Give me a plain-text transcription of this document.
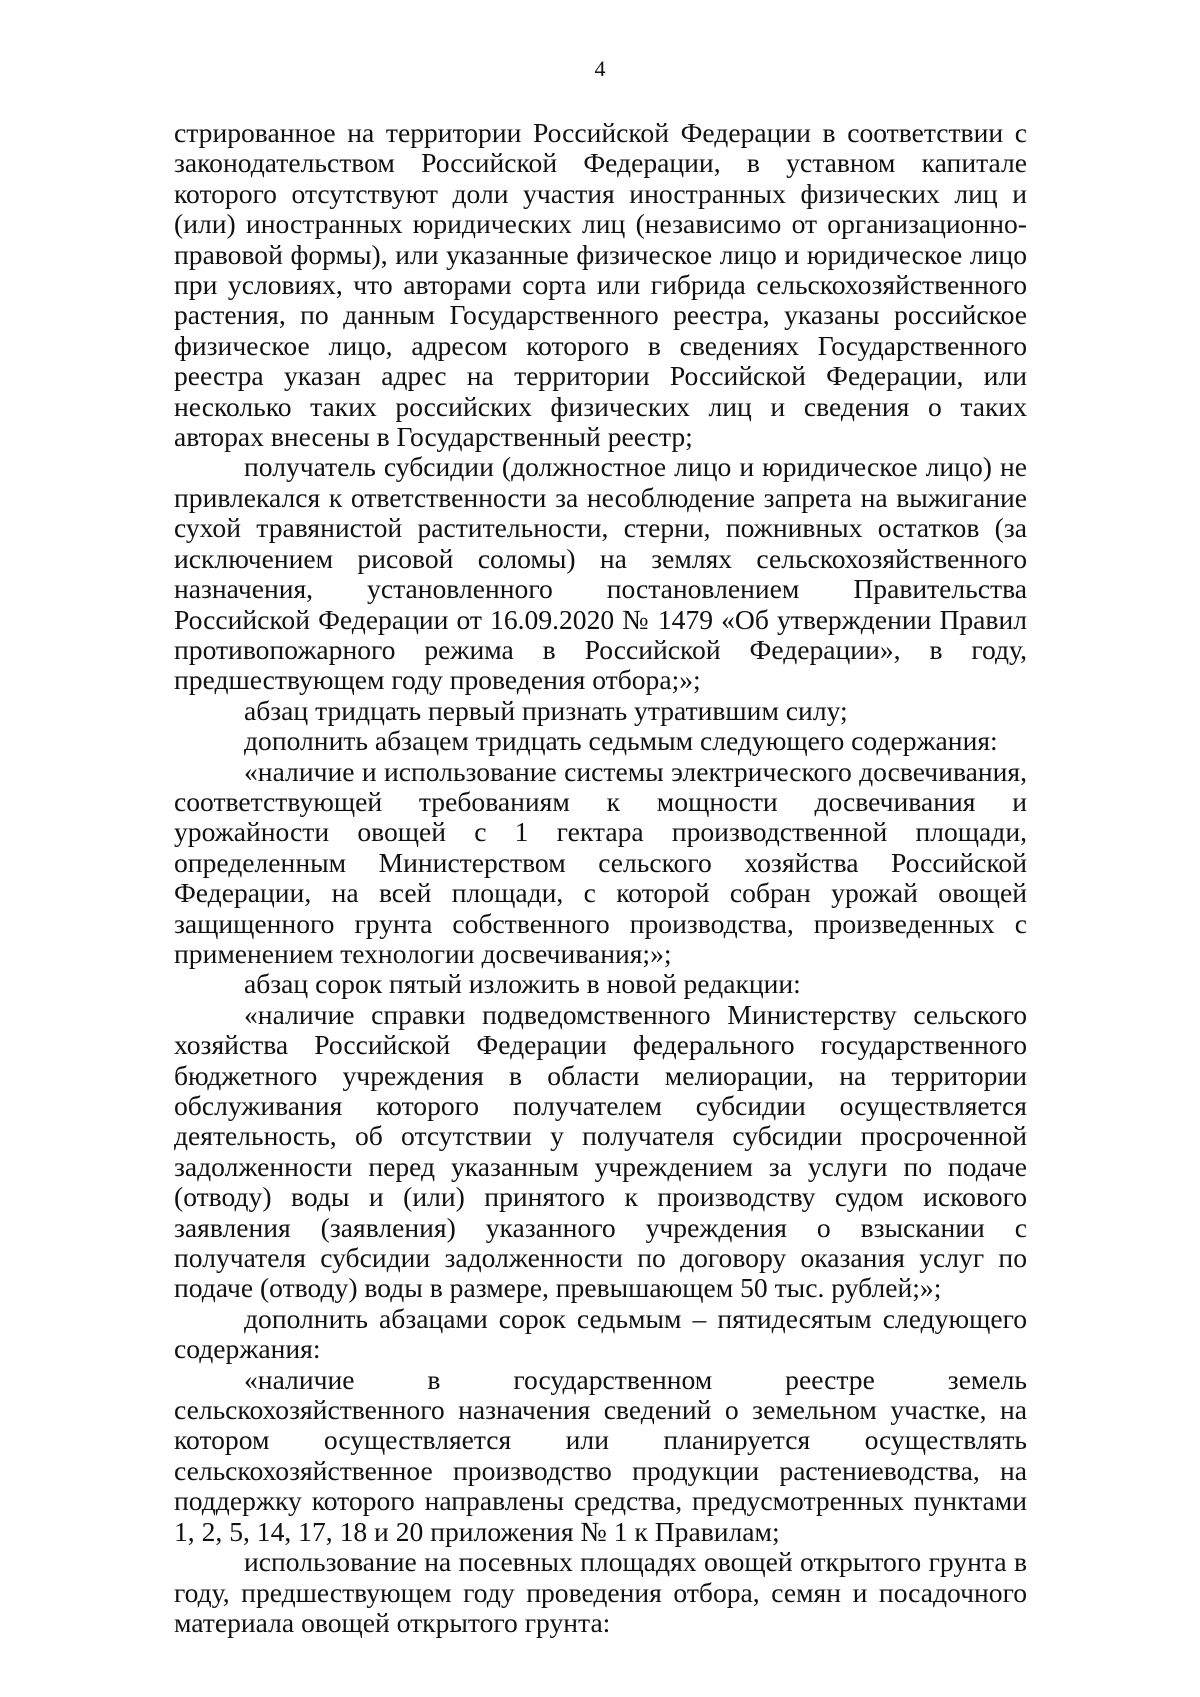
4

стрированное на территории Российской Федерации в соответствии с законодательством Российской Федерации, в уставном капитале которого отсутствуют доли участия иностранных физических лиц и (или) иностранных юридических лиц (независимо от организационно-правовой формы), или указанные физическое лицо и юридическое лицо при условиях, что авторами сорта или гибрида сельскохозяйственного растения, по данным Государственного реестра, указаны российское физическое лицо, адресом которого в сведениях Государственного реестра указан адрес на территории Российской Федерации, или несколько таких российских физических лиц и сведения о таких авторах внесены в Государственный реестр;

получатель субсидии (должностное лицо и юридическое лицо) не привлекался к ответственности за несоблюдение запрета на выжигание сухой травянистой растительности, стерни, пожнивных остатков (за исключением рисовой соломы) на землях сельскохозяйственного назначения, установленного постановлением Правительства Российской Федерации от 16.09.2020 № 1479 «Об утверждении Правил противопожарного режима в Российской Федерации», в году, предшествующем году проведения отбора;»;

абзац тридцать первый признать утратившим силу;

дополнить абзацем тридцать седьмым следующего содержания:

«наличие и использование системы электрического досвечивания, соответствующей требованиям к мощности досвечивания и урожайности овощей с 1 гектара производственной площади, определенным Министерством сельского хозяйства Российской Федерации, на всей площади, с которой собран урожай овощей защищенного грунта собственного производства, произведенных с применением технологии досвечивания;»;

абзац сорок пятый изложить в новой редакции:

«наличие справки подведомственного Министерству сельского хозяйства Российской Федерации федерального государственного бюджетного учреждения в области мелиорации, на территории обслуживания которого получателем субсидии осуществляется деятельность, об отсутствии у получателя субсидии просроченной задолженности перед указанным учреждением за услуги по подаче (отводу) воды и (или) принятого к производству судом искового заявления (заявления) указанного учреждения о взыскании с получателя субсидии задолженности по договору оказания услуг по подаче (отводу) воды в размере, превышающем 50 тыс. рублей;»;

дополнить абзацами сорок седьмым – пятидесятым следующего содержания:

«наличие в государственном реестре земель сельскохозяйственного назначения сведений о земельном участке, на котором осуществляется или планируется осуществлять сельскохозяйственное производство продукции растениеводства, на поддержку которого направлены средства, предусмотренных пунктами 1, 2, 5, 14, 17, 18 и 20 приложения № 1 к Правилам;

использование на посевных площадях овощей открытого грунта в году, предшествующем году проведения отбора, семян и посадочного материала овощей открытого грунта:
